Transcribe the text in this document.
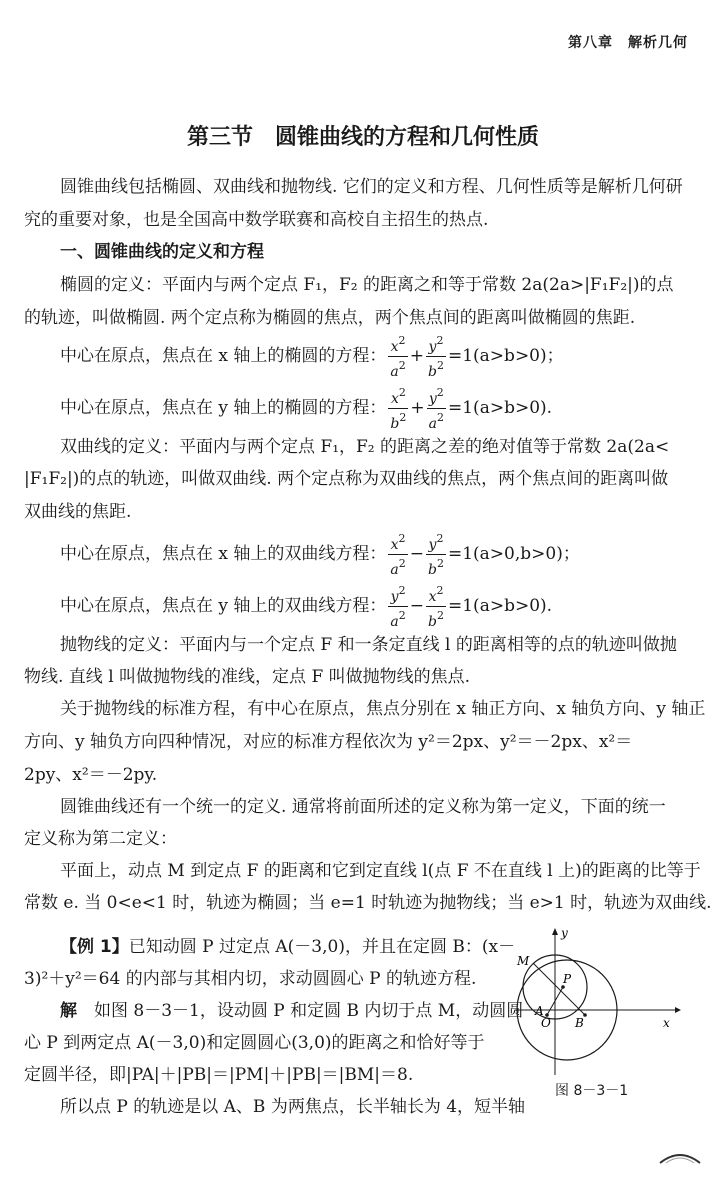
第八章　解析几何
第三节 圆锥曲线的方程和几何性质
圆锥曲线包括椭圆、双曲线和抛物线. 它们的定义和方程、几何性质等是解析几何研
究的重要对象，也是全国高中数学联赛和高校自主招生的热点.
一、圆锥曲线的定义和方程
椭圆的定义：平面内与两个定点 F₁，F₂ 的距离之和等于常数 2a(2a>|F₁F₂|)的点
的轨迹，叫做椭圆. 两个定点称为椭圆的焦点，两个焦点间的距离叫做椭圆的焦距.
中心在原点，焦点在 x 轴上的椭圆的方程： $\frac{x^2}{a^2} + \frac{y^2}{b^2} =1(a>b>0)$；
中心在原点，焦点在 y 轴上的椭圆的方程： $\frac{x^2}{b^2} + \frac{y^2}{a^2} =1(a>b>0)$.
双曲线的定义：平面内与两个定点 F₁，F₂ 的距离之差的绝对值等于常数 2a(2a<
|F₁F₂|)的点的轨迹，叫做双曲线. 两个定点称为双曲线的焦点，两个焦点间的距离叫做
双曲线的焦距.
中心在原点，焦点在 x 轴上的双曲线方程： $\frac{x^2}{a^2} - \frac{y^2}{b^2} =1(a>0,b>0)$；
中心在原点，焦点在 y 轴上的双曲线方程： $\frac{y^2}{a^2} - \frac{x^2}{b^2} =1(a>b>0)$.
抛物线的定义：平面内与一个定点 F 和一条定直线 l 的距离相等的点的轨迹叫做抛
物线. 直线 l 叫做抛物线的准线，定点 F 叫做抛物线的焦点.
关于抛物线的标准方程，有中心在原点，焦点分别在 x 轴正方向、x 轴负方向、y 轴正
方向、y 轴负方向四种情况，对应的标准方程依次为 y²＝2px、y²＝－2px、x²＝
2py、x²＝－2py.
圆锥曲线还有一个统一的定义. 通常将前面所述的定义称为第一定义，下面的统一
定义称为第二定义：
平面上，动点 M 到定点 F 的距离和它到定直线 l(点 F 不在直线 l 上)的距离的比等于
常数 e. 当 0<e<1 时，轨迹为椭圆；当 e=1 时轨迹为抛物线；当 e>1 时，轨迹为双曲线.
【例 1】已知动圆 P 过定点 A(－3,0)，并且在定圆 B：(x－
3)²＋y²＝64 的内部与其相内切，求动圆圆心 P 的轨迹方程.
解　 如图 8－3－1，设动圆 P 和定圆 B 内切于点 M，动圆圆
心 P 到两定点 A(－3,0)和定圆圆心(3,0)的距离之和恰好等于
定圆半径，即|PA|＋|PB|＝|PM|＋|PB|＝|BM|＝8.
所以点 P 的轨迹是以 A、B 为两焦点，长半轴长为 4，短半轴
y
x
M
P
A
B
O
图 8－3－1
